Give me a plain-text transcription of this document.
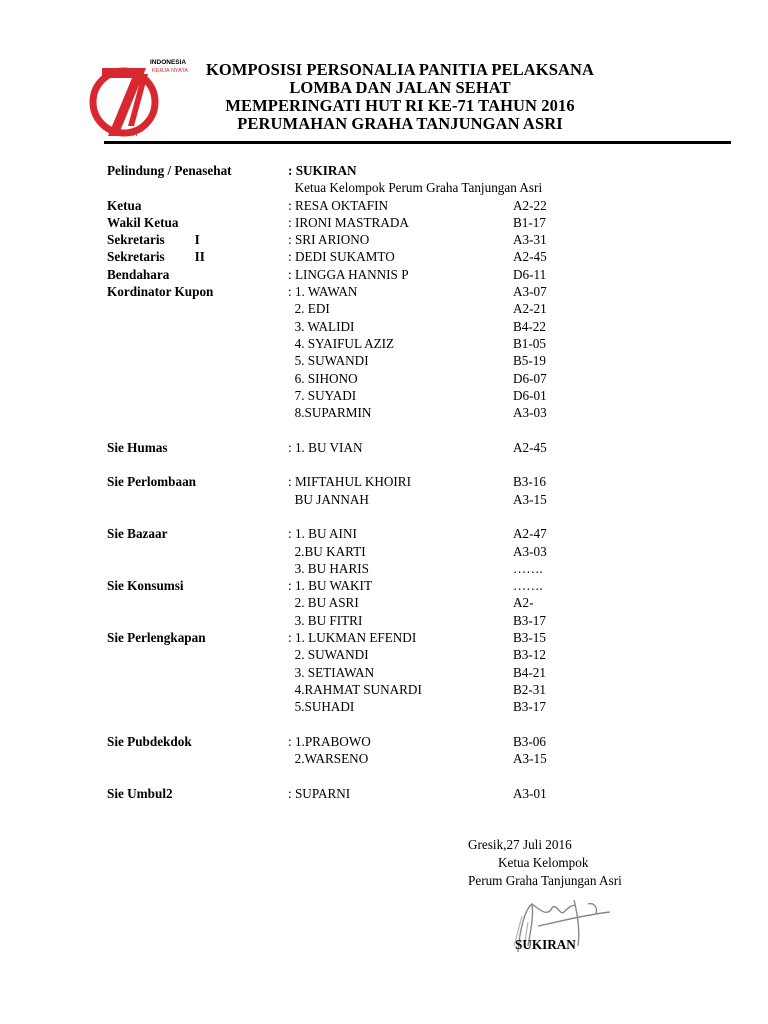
INDONESIA
KERJA NYATA
TH
KOMPOSISI PERSONALIA PANITIA PELAKSANA
LOMBA DAN JALAN SEHAT
MEMPERINGATI HUT RI KE-71 TAHUN 2016
PERUMAHAN GRAHA TANJUNGAN ASRI
Pelindung / Penasehat	: SUKIRAN
Ketua Kelompok Perum Graha Tanjungan Asri
Ketua	: RESA OKTAFIN	A2-22
Wakil Ketua	: IRONI MASTRADA	B1-17
Sekretaris I	: SRI ARIONO	A3-31
Sekretaris II	: DEDI SUKAMTO	A2-45
Bendahara	: LINGGA HANNIS P	D6-11
Kordinator Kupon	: 1. WAWAN	A3-07
2. EDI	A2-21
3. WALIDI	B4-22
4. SYAIFUL AZIZ	B1-05
5. SUWANDI	B5-19
6. SIHONO	D6-07
7. SUYADI	D6-01
8.SUPARMIN	A3-03
Sie Humas	: 1. BU VIAN	A2-45
Sie Perlombaan	: MIFTAHUL KHOIRI	B3-16
BU JANNAH	A3-15
Sie Bazaar	: 1. BU AINI	A2-47
2.BU KARTI	A3-03
3. BU HARIS	…….
Sie Konsumsi	: 1. BU WAKIT	…….
2. BU ASRI	A2-
3. BU FITRI	B3-17
Sie Perlengkapan	: 1. LUKMAN EFENDI	B3-15
2. SUWANDI	B3-12
3. SETIAWAN	B4-21
4.RAHMAT SUNARDI	B2-31
5.SUHADI	B3-17
Sie Pubdekdok	: 1.PRABOWO	B3-06
2.WARSENO	A3-15
Sie Umbul2	: SUPARNI	A3-01
Gresik,27 Juli 2016
Ketua Kelompok
Perum Graha Tanjungan Asri
SUKIRAN
